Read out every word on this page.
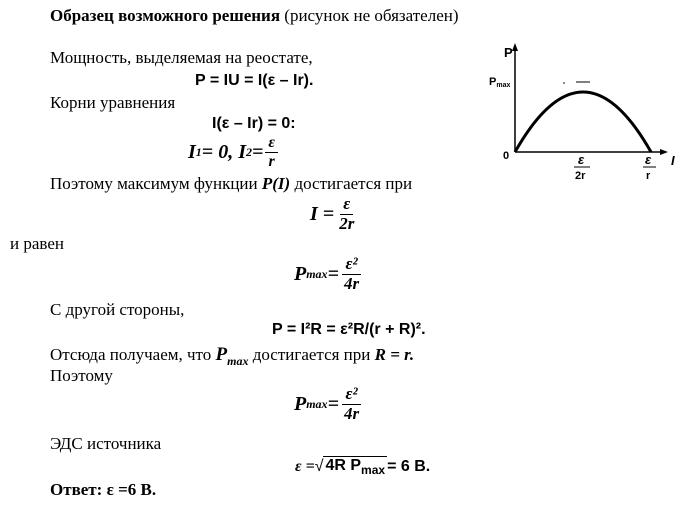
Образец возможного решения (рисунок не обязателен)
Мощность, выделяемая на реостате,
P = IU = I(ε – Ir).
Корни уравнения
I(ε – Ir) = 0:
I 1 = 0, I $2 = \frac{\varepsilon}{r}$
Поэтому максимум функции P(I) достигается при
$I = \frac{\varepsilon}{2r}$
и равен
P $\max = \frac{\text{ε²}}{4r}$
С другой стороны,
P = I²R = ε²R/(r + R)².
Отсюда получаем, что $P_{max}$ достигается при R = r.
Поэтому
P $\max = \frac{\text{ε²}}{4r}$
ЭДС источника
ε = √ 4R $P_{max} = 6$ В.
Ответ: ε =6 В.
P
Pmax
0	I
ε
2r
ε
r
